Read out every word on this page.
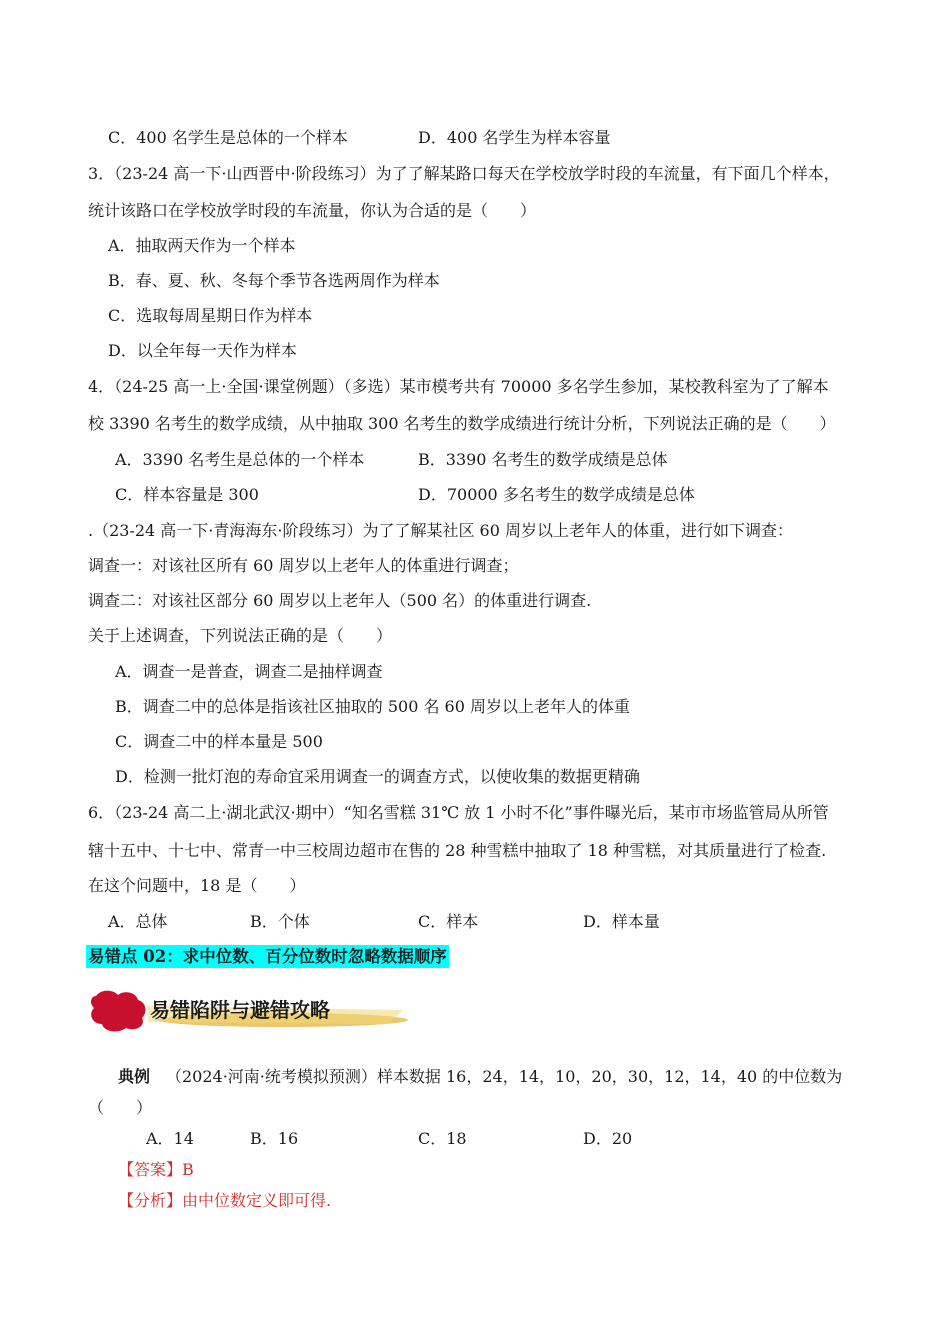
C．400 名学生是总体的一个样本	D．400 名学生为样本容量
3．（23-24 高一下·山西晋中·阶段练习）为了了解某路口每天在学校放学时段的车流量，有下面几个样本，
统计该路口在学校放学时段的车流量，你认为合适的是（　　）
A．抽取两天作为一个样本
B．春、夏、秋、冬每个季节各选两周作为样本
C．选取每周星期日作为样本
D．以全年每一天作为样本
4．（24-25 高一上·全国·课堂例题）（多选）某市模考共有 70000 多名学生参加，某校教科室为了了解本
校 3390 名考生的数学成绩，从中抽取 300 名考生的数学成绩进行统计分析，下列说法正确的是（　　）
A．3390 名考生是总体的一个样本	B．3390 名考生的数学成绩是总体
C．样本容量是 300	D．70000 多名考生的数学成绩是总体
.（23-24 高一下·青海海东·阶段练习）为了了解某社区 60 周岁以上老年人的体重，进行如下调查：
调查一：对该社区所有 60 周岁以上老年人的体重进行调查；
调查二：对该社区部分 60 周岁以上老年人（500 名）的体重进行调查.
关于上述调查，下列说法正确的是（　　）
A．调查一是普查，调查二是抽样调查
B．调查二中的总体是指该社区抽取的 500 名 60 周岁以上老年人的体重
C．调查二中的样本量是 500
D．检测一批灯泡的寿命宜采用调查一的调查方式，以使收集的数据更精确
6．（23-24 高二上·湖北武汉·期中）“知名雪糕 31℃ 放 1 小时不化”事件曝光后，某市市场监管局从所管
辖十五中、十七中、常青一中三校周边超市在售的 28 种雪糕中抽取了 18 种雪糕，对其质量进行了检查.
在这个问题中，18 是（　　）
A．总体	B．个体	C．样本	D．样本量
易错点 02：求中位数、百分位数时忽略数据顺序
易错陷阱与避错攻略
典例 （2024·河南·统考模拟预测）样本数据 16，24，14，10，20，30，12，14，40 的中位数为
（　　）
A．14	B．16	C．18	D．20
【答案】B
【分析】由中位数定义即可得.
